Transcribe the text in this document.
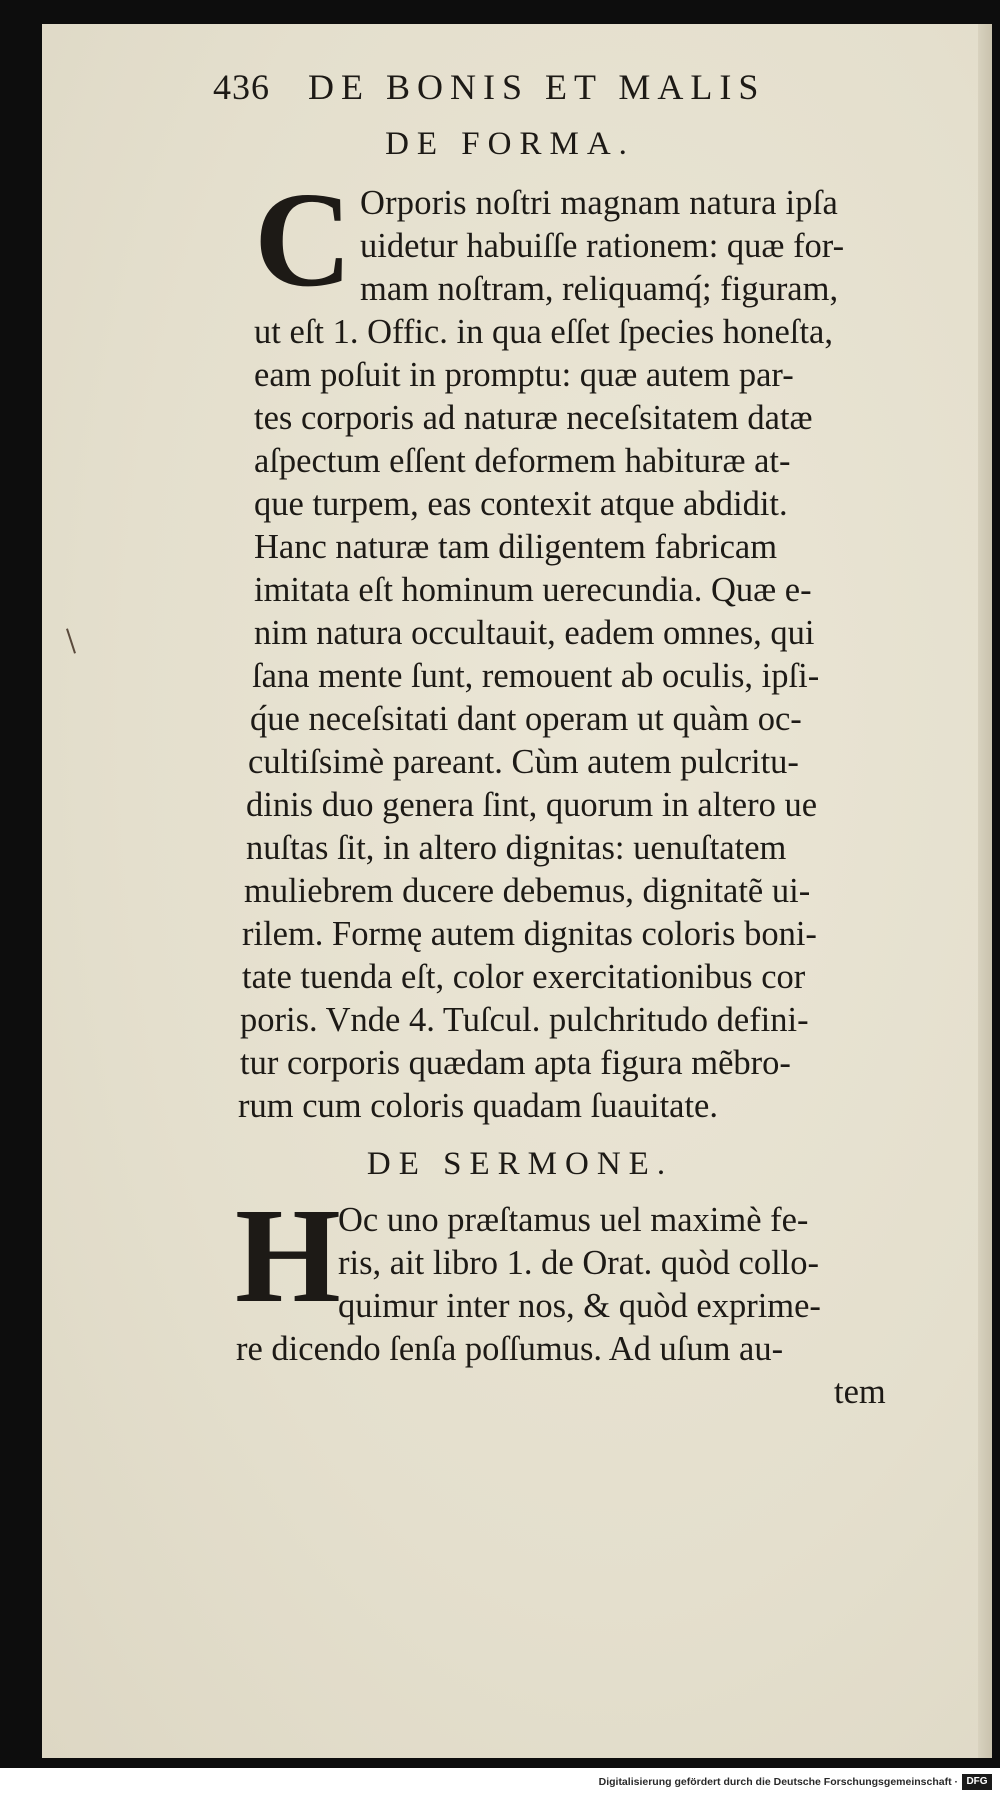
436 DE BONIS ET MALIS
DE FORMA.
C Orporis noſtri magnam natura ipſa
uidetur habuiſſe rationem: quæ for-
mam noſtram, reliquamq́; figuram,
ut eſt 1. Offic. in qua eſſet ſpecies honeſta,
eam poſuit in promptu: quæ autem par-
tes corporis ad naturæ neceſsitatem datæ
aſpectum eſſent deformem habituræ at-
que turpem, eas contexit atque abdidit.
Hanc naturæ tam diligentem fabricam
imitata eſt hominum uerecundia. Quæ e-
nim natura occultauit, eadem omnes, qui
ſana mente ſunt, remouent ab oculis, ipſi-
q́ue neceſsitati dant operam ut quàm oc-
cultiſsimè pareant. Cùm autem pulcritu-
dinis duo genera ſint, quorum in altero ue
nuſtas ſit, in altero dignitas: uenuſtatem
muliebrem ducere debemus, dignitatẽ ui-
rilem. Formę autem dignitas coloris boni-
tate tuenda eſt, color exercitationibus cor
poris. Vnde 4. Tuſcul. pulchritudo defini-
tur corporis quædam apta figura mẽbro-
rum cum coloris quadam ſuauitate.
DE SERMONE.
H
Oc uno præſtamus uel maximè fe-
ris, ait libro 1. de Orat. quòd collo-
quimur inter nos, & quòd exprime-
re dicendo ſenſa poſſumus. Ad uſum au-
tem
Digitalisierung gefördert durch die Deutsche Forschungsgemeinschaft · DFG
